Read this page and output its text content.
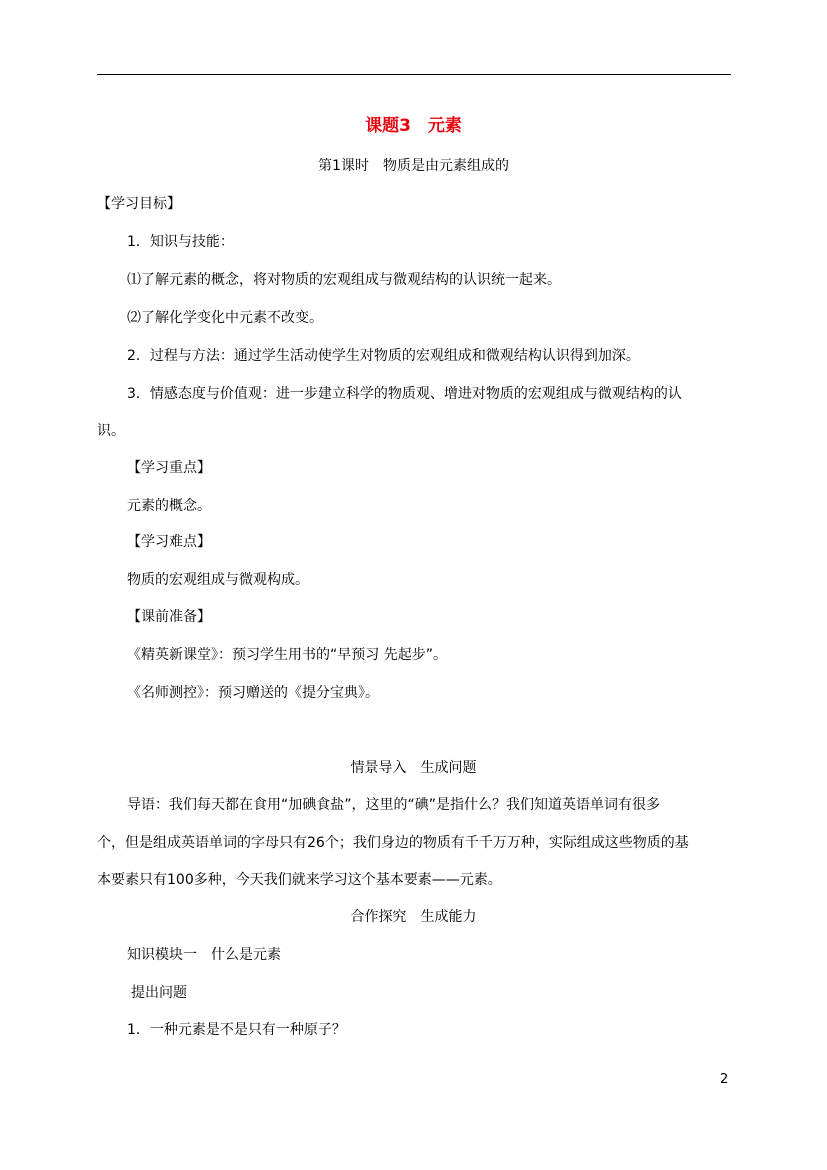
课题3　元素
第1课时　物质是由元素组成的
【学习目标】
1．知识与技能：
⑴了解元素的概念，将对物质的宏观组成与微观结构的认识统一起来。
⑵了解化学变化中元素不改变。
2．过程与方法：通过学生活动使学生对物质的宏观组成和微观结构认识得到加深。
3．情感态度与价值观：进一步建立科学的物质观、增进对物质的宏观组成与微观结构的认
识。
【学习重点】
元素的概念。
【学习难点】
物质的宏观组成与微观构成。
【课前准备】
《精英新课堂》：预习学生用书的“早预习 先起步”。
《名师测控》：预习赠送的《提分宝典》。
情景导入　生成问题
导语：我们每天都在食用“加碘食盐”，这里的“碘”是指什么？我们知道英语单词有很多
个，但是组成英语单词的字母只有26个；我们身边的物质有千千万万种，实际组成这些物质的基
本要素只有100多种，今天我们就来学习这个基本要素——元素。
合作探究　生成能力
知识模块一　什么是元素
提出问题
1．一种元素是不是只有一种原子？
2
